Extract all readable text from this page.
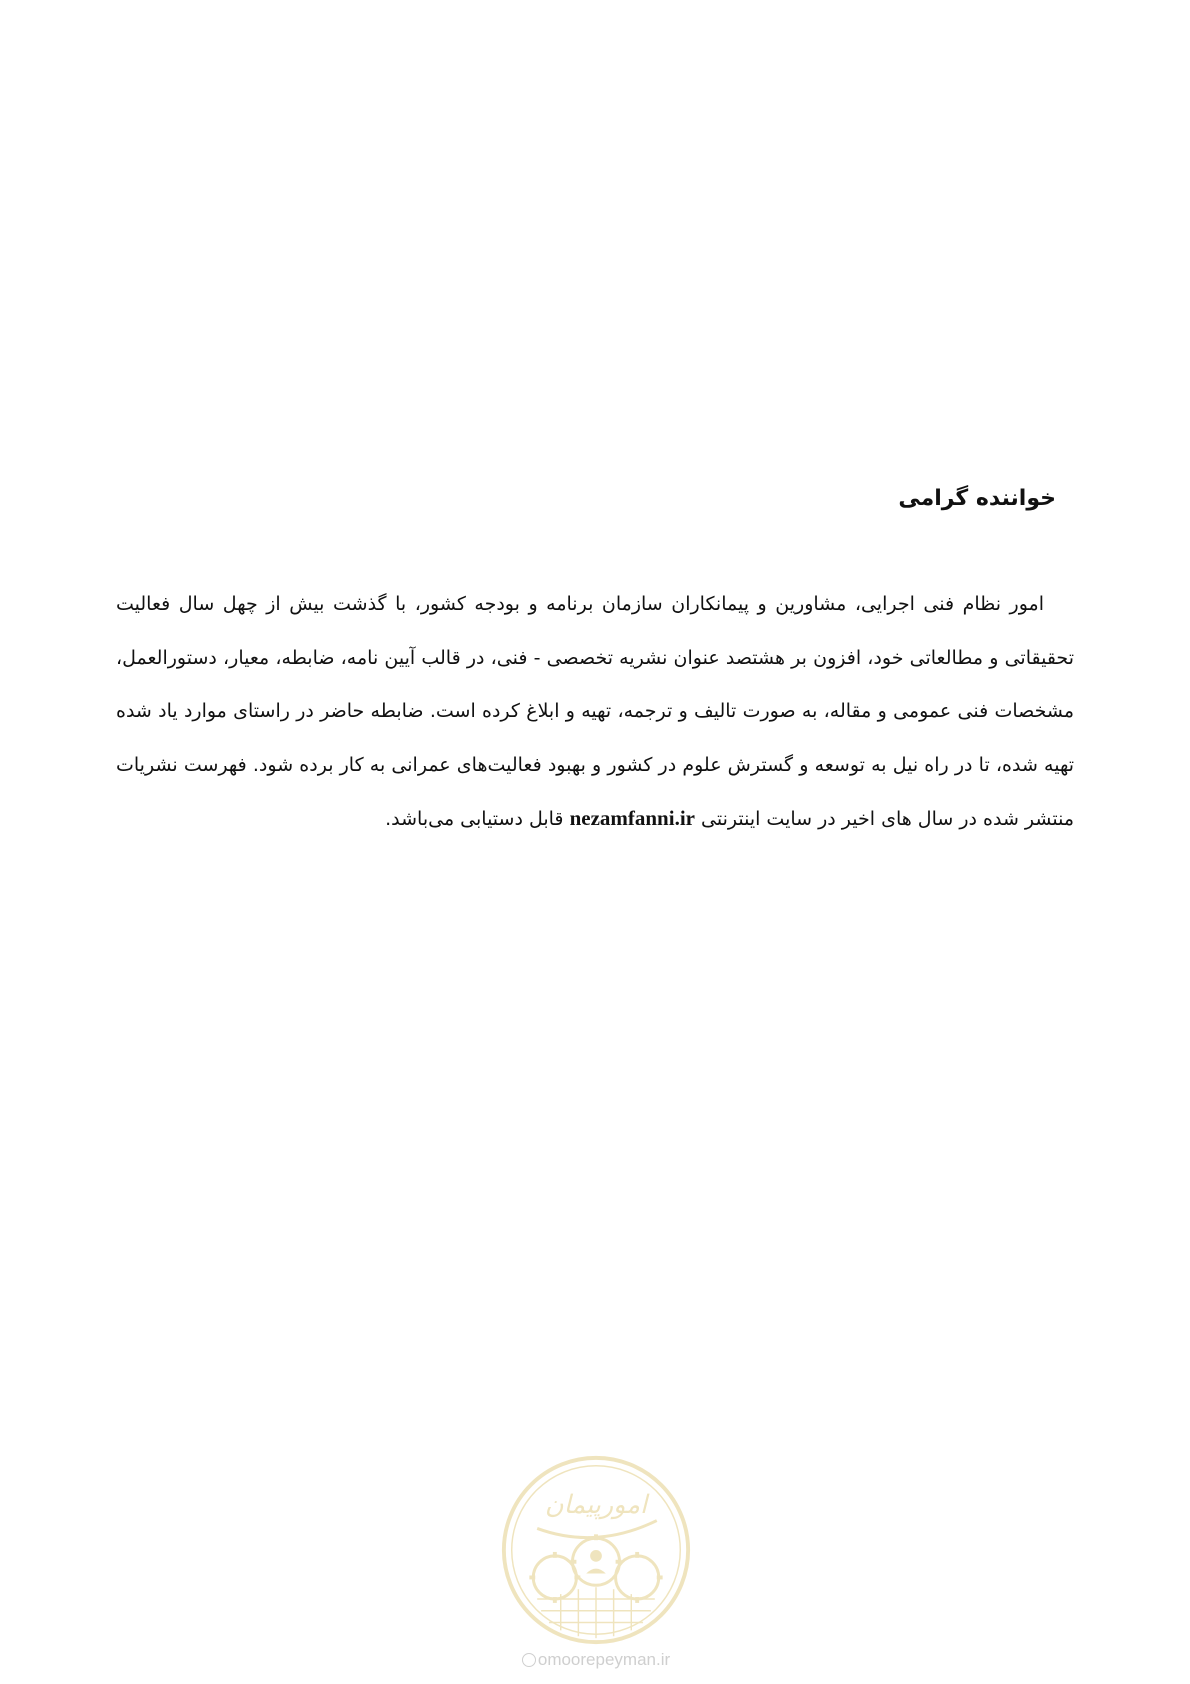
خواننده گرامی

امور نظام فنی اجرایی، مشاورین و پیمانکاران سازمان برنامه و بودجه کشور، با گذشت بیش از چهل سال فعالیت تحقیقاتی و مطالعاتی خود، افزون بر هشتصد عنوان نشریه تخصصی - فنی، در قالب آیین نامه، ضابطه، معیار، دستورالعمل، مشخصات فنی عمومی و مقاله، به صورت تالیف و ترجمه، تهیه و ابلاغ کرده است. ضابطه حاضر در راستای موارد یاد شده تهیه شده، تا در راه نیل به توسعه و گسترش علوم در کشور و بهبود فعالیت‌های عمرانی به کار برده شود. فهرست نشریات منتشر شده در سال های اخیر در سایت اینترنتی nezamfanni.ir قابل دستیابی می‌باشد.

امورپیمان
omoorepeyman.ir
